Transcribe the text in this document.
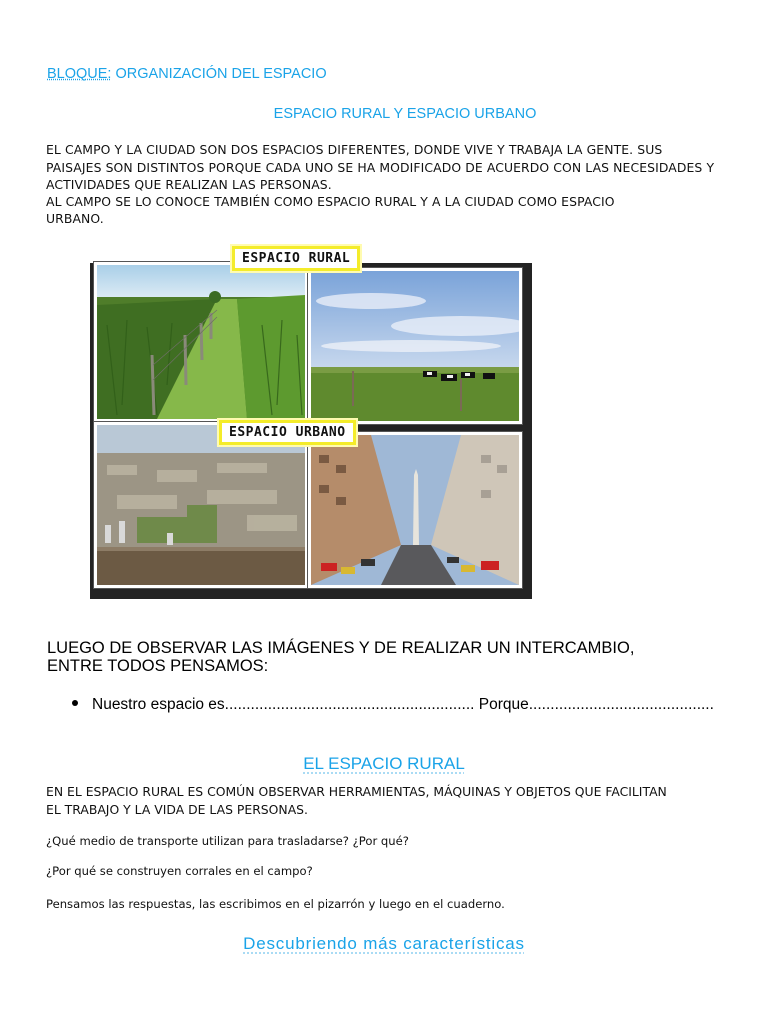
BLOQUE: ORGANIZACIÓN DEL ESPACIO
ESPACIO RURAL Y ESPACIO URBANO

EL CAMPO Y LA CIUDAD SON DOS ESPACIOS DIFERENTES, DONDE VIVE Y TRABAJA LA GENTE. SUS

PAISAJES SON DISTINTOS PORQUE CADA UNO SE HA MODIFICADO DE ACUERDO CON LAS NECESIDADES Y

ACTIVIDADES QUE REALIZAN LAS PERSONAS.

AL CAMPO SE LO CONOCE TAMBIÉN COMO ESPACIO RURAL Y A LA CIUDAD COMO ESPACIO

URBANO.

ESPACIO RURAL
ESPACIO URBANO
LUEGO DE OBSERVAR LAS IMÁGENES Y DE REALIZAR UN INTERCAMBIO,
ENTRE TODOS PENSAMOS:
Nuestro espacio es.......................................................... Porque...........................................
EL ESPACIO RURAL
EN EL ESPACIO RURAL ES COMÚN OBSERVAR HERRAMIENTAS, MÁQUINAS Y OBJETOS QUE FACILITAN
EL TRABAJO Y LA VIDA DE LAS PERSONAS.
¿Qué medio de transporte utilizan para trasladarse? ¿Por qué?
¿Por qué se construyen corrales en el campo?
Pensamos las respuestas, las escribimos en el pizarrón y luego en el cuaderno.
Descubriendo más características
